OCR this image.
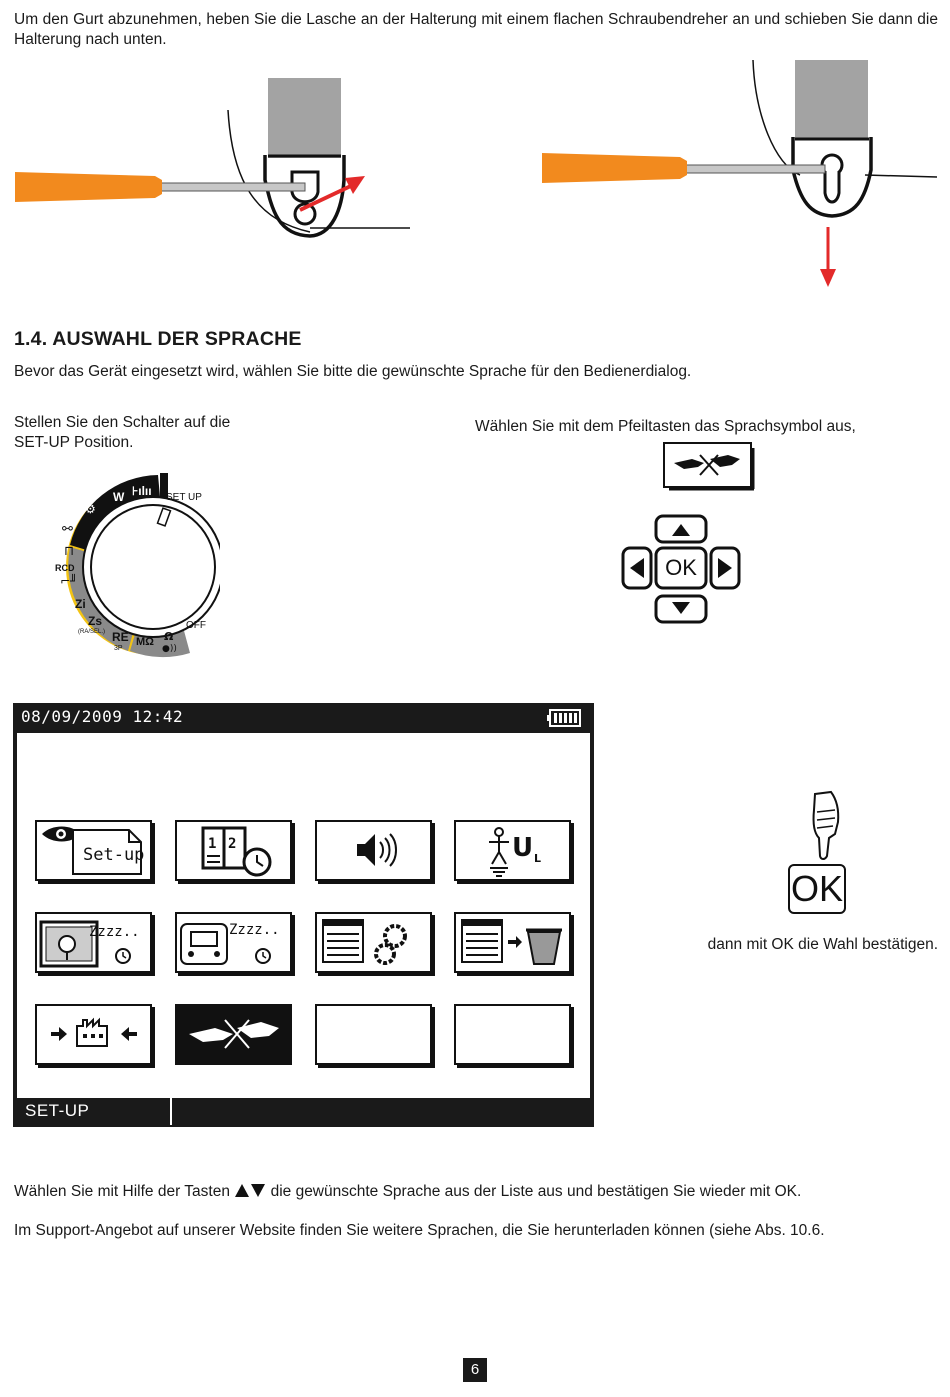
Um den Gurt abzunehmen, heben Sie die Lasche an der Halterung mit einem flachen Schraubendreher an und schieben Sie dann die Halterung nach unten.

1.4. AUSWAHL DER SPRACHE

Bevor das Gerät eingesetzt wird, wählen Sie bitte die gewünschte Sprache für den Bedienerdialog.

Stellen Sie den Schalter auf die

SET-UP Position.

W ⊦ılıı
⚙
⚯
⊓
RCD
⌐╜
Zi
Zs
(RA/SEL.) RE
3P
MΩ Ω
●))
SET UP
OFF

Wählen Sie mit dem Pfeiltasten das Sprachsymbol aus,

OK
08/09/2009 12:42
Set-up
1 2	U L
Zzzz..	Zzzz..
SET-UP
OK

dann mit OK die Wahl bestätigen.

Wählen Sie mit Hilfe der Tasten	die gewünschte Sprache aus der Liste aus und bestätigen Sie wieder mit OK.

Im Support-Angebot auf unserer Website finden Sie weitere Sprachen, die Sie herunterladen können (siehe Abs. 10.6.

6
